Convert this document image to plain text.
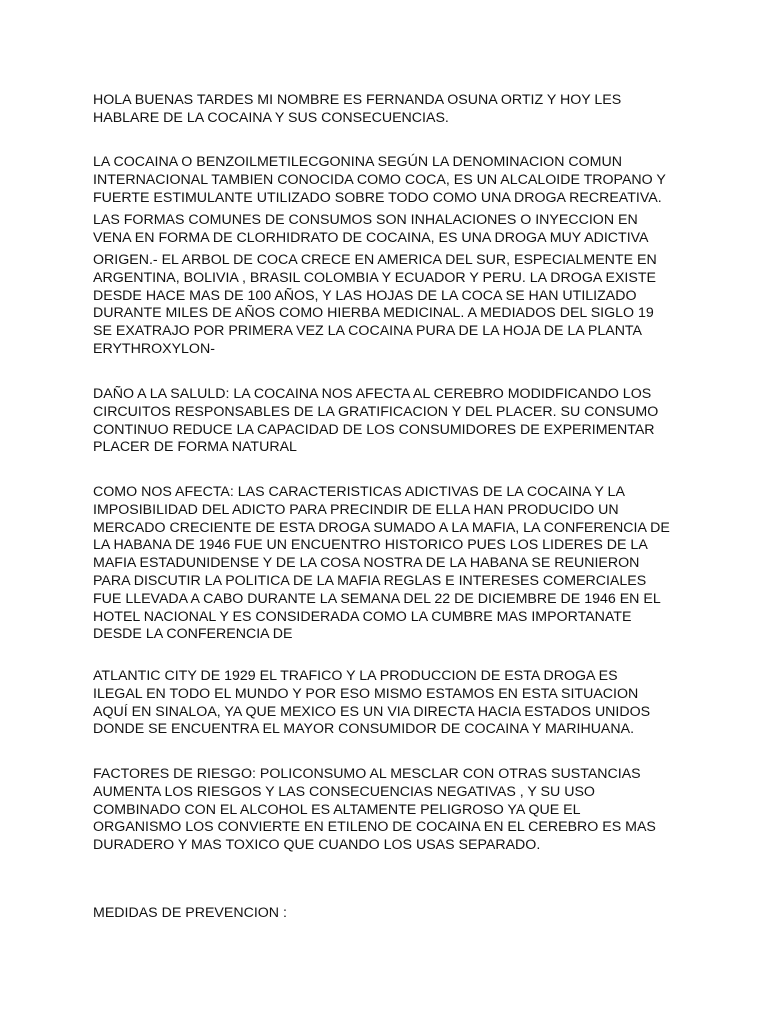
HOLA BUENAS TARDES MI NOMBRE ES FERNANDA OSUNA ORTIZ Y HOY LES
HABLARE DE LA COCAINA Y SUS CONSECUENCIAS.

LA COCAINA O BENZOILMETILECGONINA SEGÚN LA DENOMINACION COMUN
INTERNACIONAL TAMBIEN CONOCIDA COMO COCA, ES UN ALCALOIDE TROPANO Y
FUERTE ESTIMULANTE UTILIZADO SOBRE TODO COMO UNA DROGA RECREATIVA.

LAS FORMAS COMUNES DE CONSUMOS SON INHALACIONES O INYECCION EN
VENA EN FORMA DE CLORHIDRATO DE COCAINA, ES UNA DROGA MUY ADICTIVA

ORIGEN.- EL ARBOL DE COCA CRECE EN AMERICA DEL SUR, ESPECIALMENTE EN
ARGENTINA, BOLIVIA , BRASIL COLOMBIA Y ECUADOR Y PERU. LA DROGA EXISTE
DESDE HACE MAS DE 100 AÑOS, Y LAS HOJAS DE LA COCA SE HAN UTILIZADO
DURANTE MILES DE AÑOS COMO HIERBA MEDICINAL. A MEDIADOS DEL SIGLO 19
SE EXATRAJO POR PRIMERA VEZ LA COCAINA PURA DE LA HOJA DE LA PLANTA
ERYTHROXYLON-

DAÑO A LA SALULD: LA COCAINA NOS AFECTA AL CEREBRO MODIDFICANDO LOS
CIRCUITOS RESPONSABLES DE LA GRATIFICACION Y DEL PLACER. SU CONSUMO
CONTINUO REDUCE LA CAPACIDAD DE LOS CONSUMIDORES DE EXPERIMENTAR
PLACER DE FORMA NATURAL

COMO NOS AFECTA: LAS CARACTERISTICAS ADICTIVAS DE LA COCAINA Y LA
IMPOSIBILIDAD DEL ADICTO PARA PRECINDIR DE ELLA HAN PRODUCIDO UN
MERCADO CRECIENTE DE ESTA DROGA SUMADO A LA MAFIA, LA CONFERENCIA DE
LA HABANA DE 1946 FUE UN ENCUENTRO HISTORICO PUES LOS LIDERES DE LA
MAFIA ESTADUNIDENSE Y DE LA COSA NOSTRA DE LA HABANA SE REUNIERON
PARA DISCUTIR LA POLITICA DE LA MAFIA REGLAS E INTERESES COMERCIALES
FUE LLEVADA A CABO DURANTE LA SEMANA DEL 22 DE DICIEMBRE DE 1946 EN EL
HOTEL NACIONAL Y ES CONSIDERADA COMO LA CUMBRE MAS IMPORTANATE
DESDE LA CONFERENCIA DE

ATLANTIC CITY DE 1929 EL TRAFICO Y LA PRODUCCION DE ESTA DROGA ES
ILEGAL EN TODO EL MUNDO Y POR ESO MISMO ESTAMOS EN ESTA SITUACION
AQUÍ EN SINALOA, YA QUE MEXICO ES UN VIA DIRECTA HACIA ESTADOS UNIDOS
DONDE SE ENCUENTRA EL MAYOR CONSUMIDOR DE COCAINA Y MARIHUANA.

FACTORES DE RIESGO: POLICONSUMO AL MESCLAR CON OTRAS SUSTANCIAS
AUMENTA LOS RIESGOS Y LAS CONSECUENCIAS NEGATIVAS , Y SU USO
COMBINADO CON EL ALCOHOL ES ALTAMENTE PELIGROSO YA QUE EL
ORGANISMO LOS CONVIERTE EN ETILENO DE COCAINA EN EL CEREBRO ES MAS
DURADERO Y MAS TOXICO QUE CUANDO LOS USAS SEPARADO.

MEDIDAS DE PREVENCION :
